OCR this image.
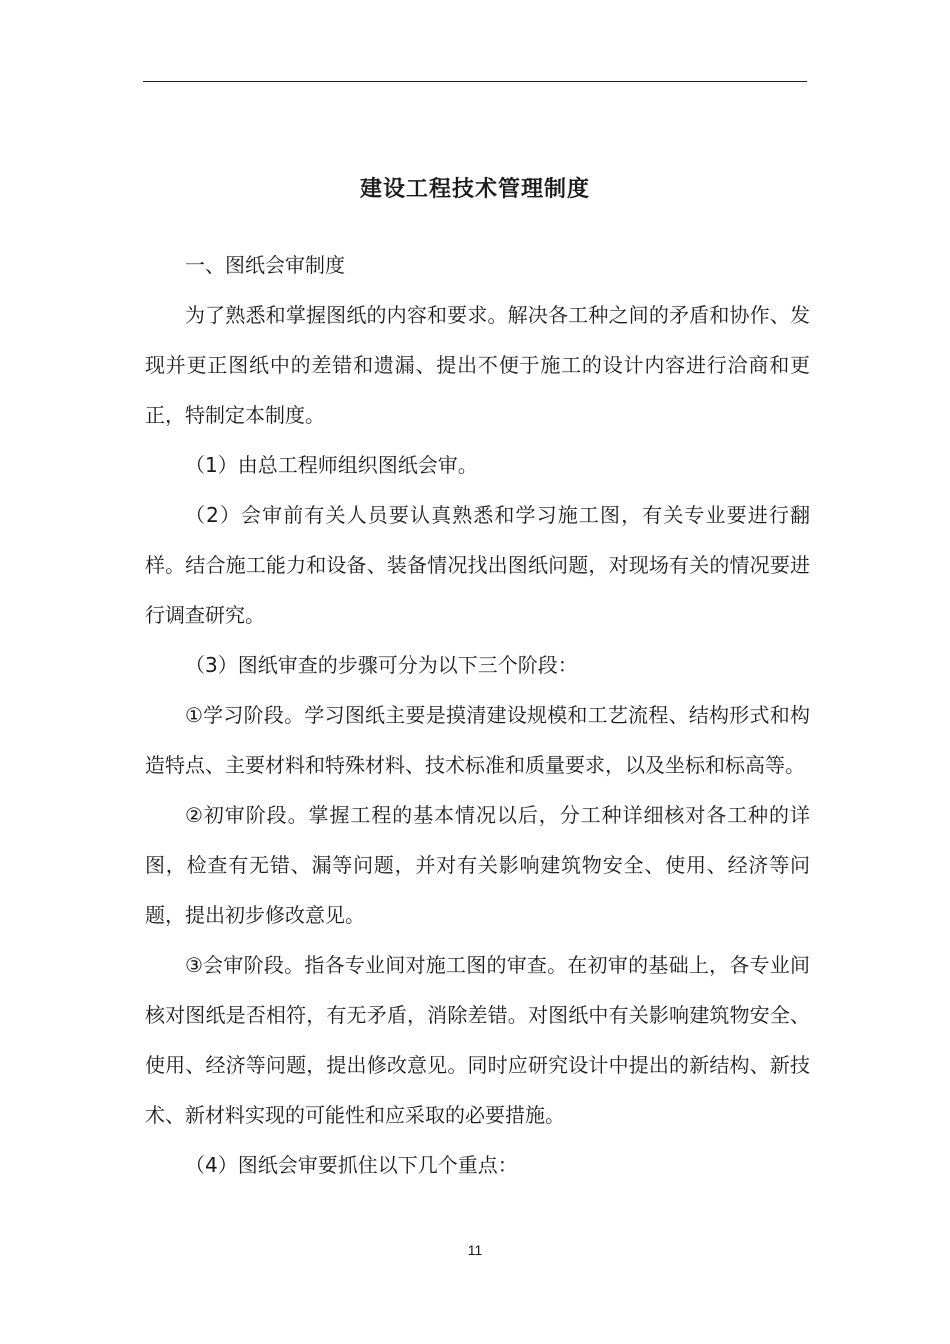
建设工程技术管理制度

一、图纸会审制度

为了熟悉和掌握图纸的内容和要求。解决各工种之间的矛盾和协作、发现并更正图纸中的差错和遗漏、提出不便于施工的设计内容进行洽商和更正，特制定本制度。

（1）由总工程师组织图纸会审。

（2）会审前有关人员要认真熟悉和学习施工图，有关专业要进行翻样。结合施工能力和设备、装备情况找出图纸问题，对现场有关的情况要进行调查研究。

（3）图纸审查的步骤可分为以下三个阶段：

①学习阶段。学习图纸主要是摸清建设规模和工艺流程、结构形式和构造特点、主要材料和特殊材料、技术标准和质量要求，以及坐标和标高等。

②初审阶段。掌握工程的基本情况以后，分工种详细核对各工种的详图，检查有无错、漏等问题，并对有关影响建筑物安全、使用、经济等问题，提出初步修改意见。

③会审阶段。指各专业间对施工图的审查。在初审的基础上，各专业间核对图纸是否相符，有无矛盾，消除差错。对图纸中有关影响建筑物安全、使用、经济等问题，提出修改意见。同时应研究设计中提出的新结构、新技术、新材料实现的可能性和应采取的必要措施。

（4）图纸会审要抓住以下几个重点：

11
